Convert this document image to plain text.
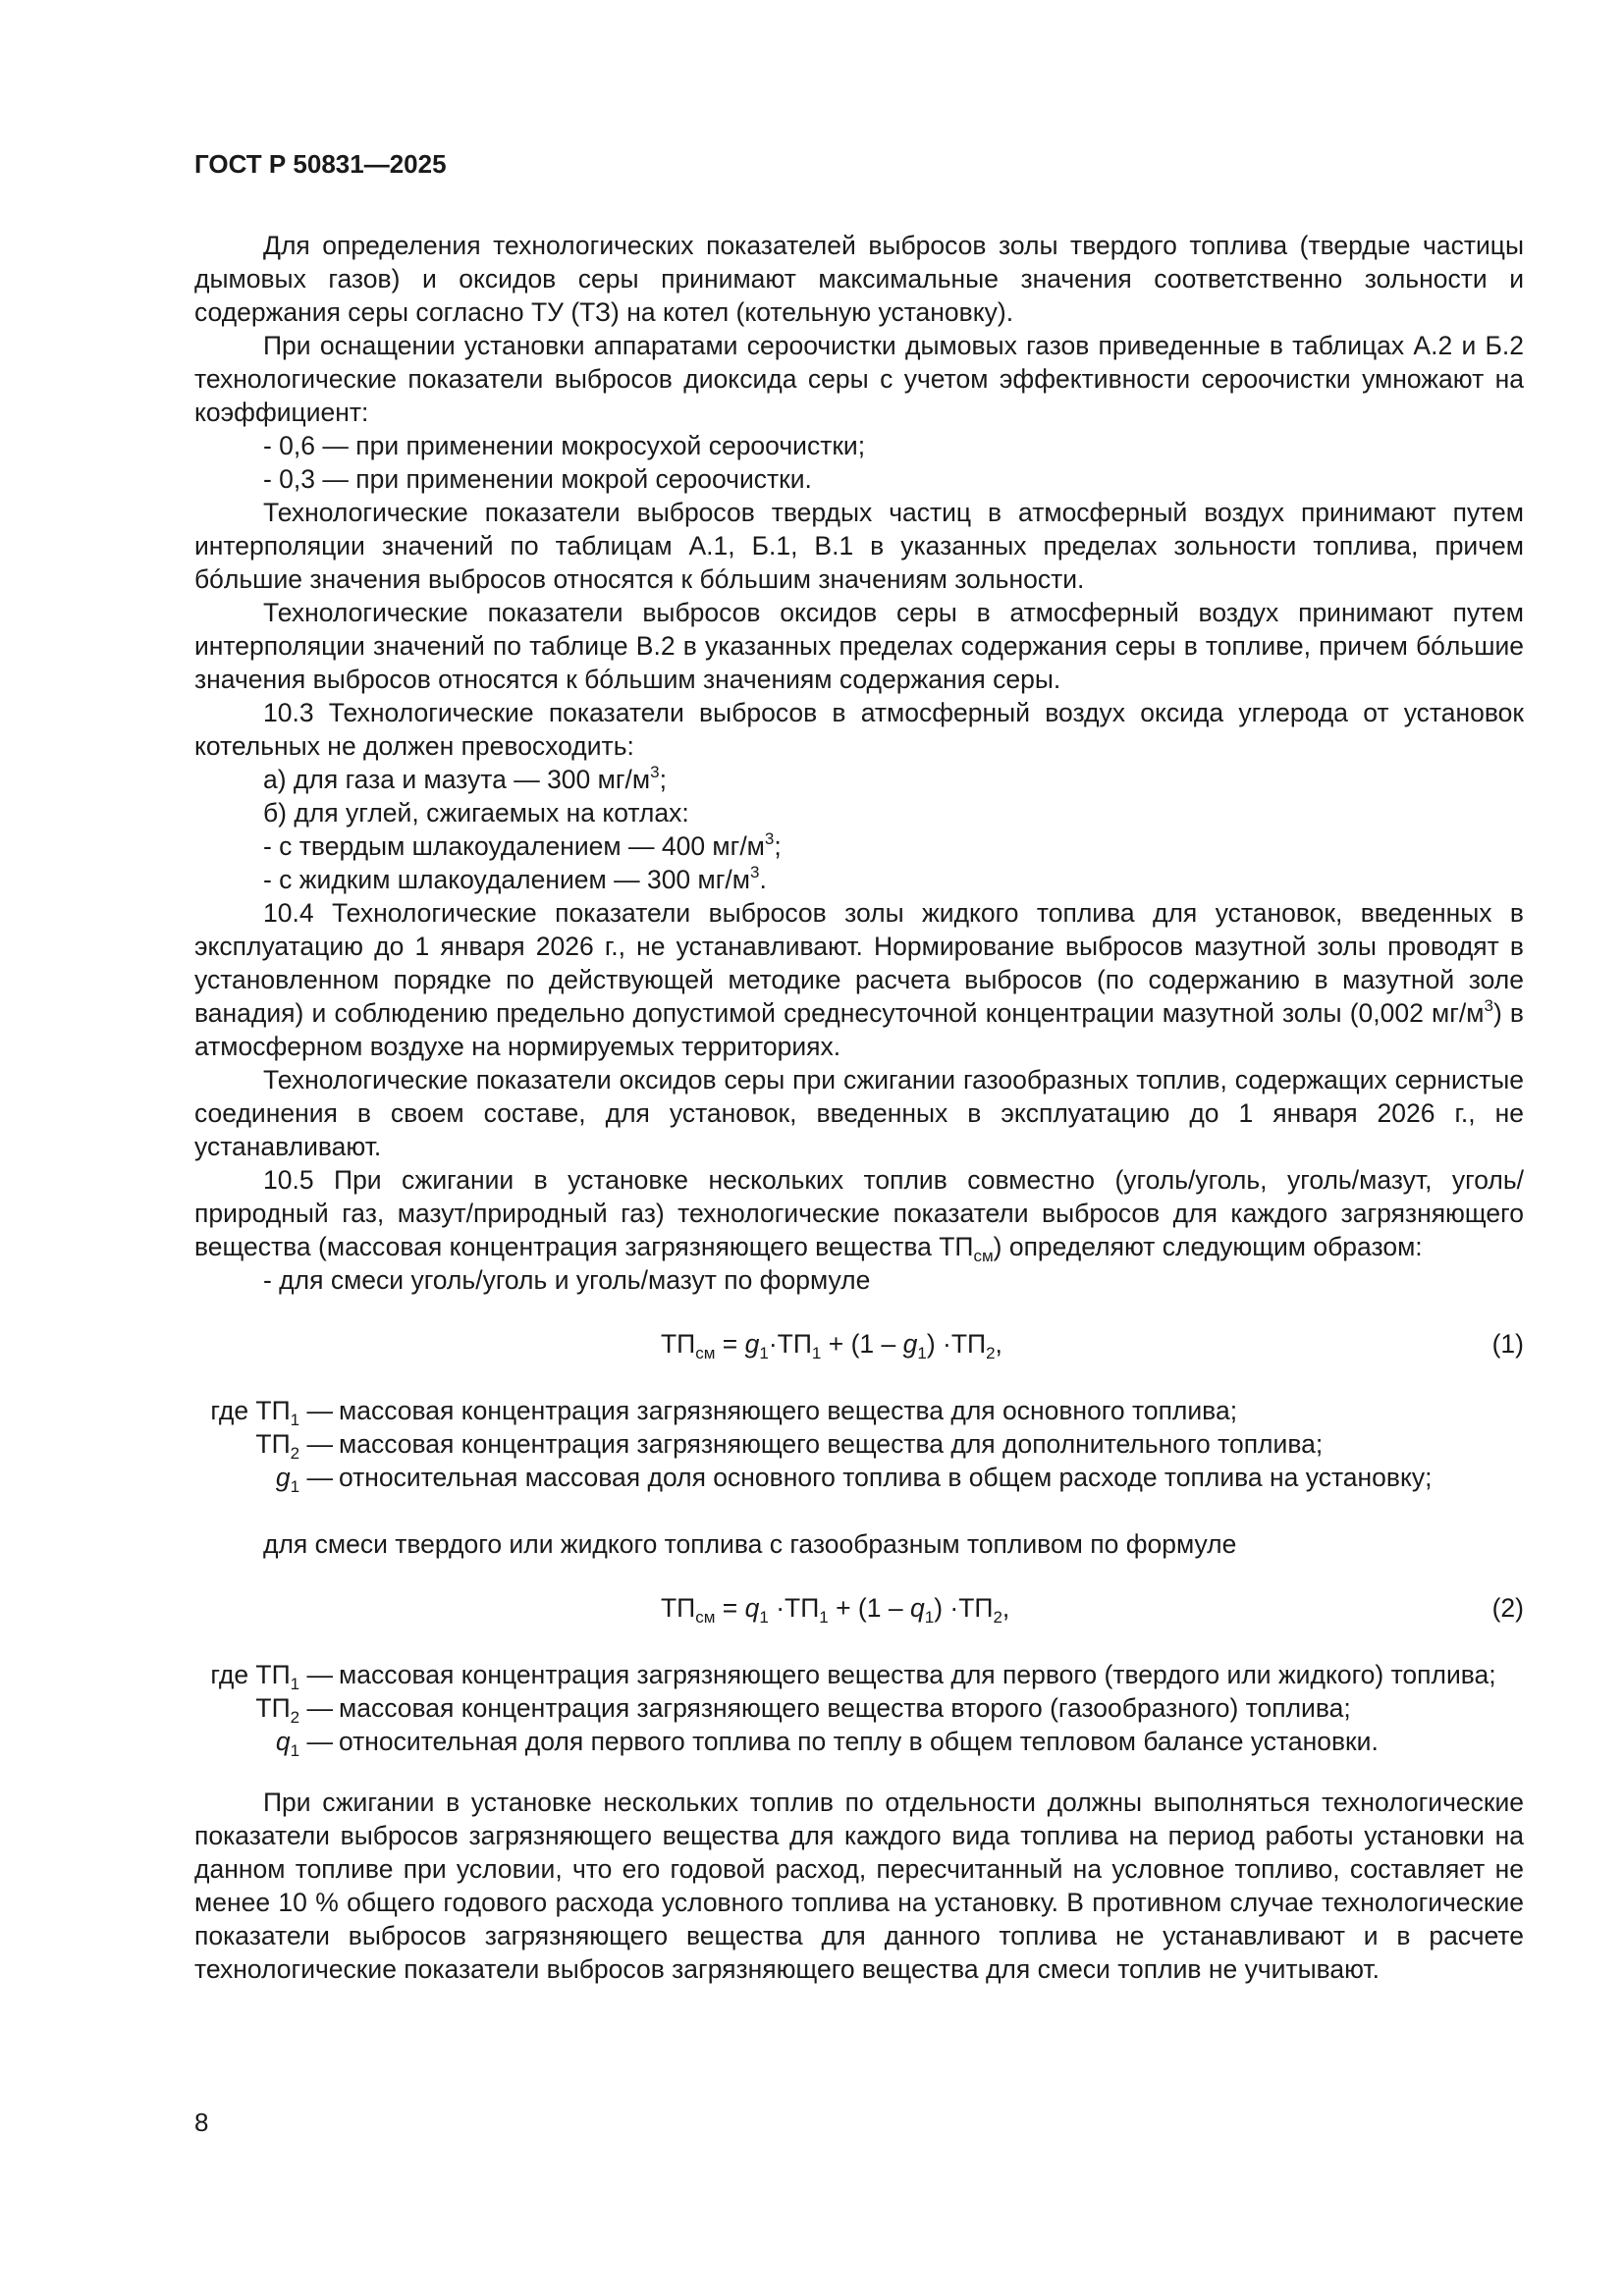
ГОСТ Р 50831—2025

Для определения технологических показателей выбросов золы твердого топлива (твердые частицы дымовых газов) и оксидов серы принимают максимальные значения соответственно зольности и содержания серы согласно ТУ (ТЗ) на котел (котельную установку).

При оснащении установки аппаратами сероочистки дымовых газов приведенные в таблицах А.2 и Б.2 технологические показатели выбросов диоксида серы с учетом эффективности сероочистки умножают на коэффициент:

- 0,6 — при применении мокросухой сероочистки;

- 0,3 — при применении мокрой сероочистки.

Технологические показатели выбросов твердых частиц в атмосферный воздух принимают путем интерполяции значений по таблицам А.1, Б.1, В.1 в указанных пределах зольности топлива, причем бóльшие значения выбросов относятся к бóльшим значениям зольности.

Технологические показатели выбросов оксидов серы в атмосферный воздух принимают путем интерполяции значений по таблице В.2 в указанных пределах содержания серы в топливе, причем бóльшие значения выбросов относятся к бóльшим значениям содержания серы.

10.3 Технологические показатели выбросов в атмосферный воздух оксида углерода от установок котельных не должен превосходить:

а) для газа и мазута — 300 $мг/м^3$;

б) для углей, сжигаемых на котлах:

- с твердым шлакоудалением — 400 $мг/м^3$;

- с жидким шлакоудалением — 300 $мг/м^3$.

10.4 Технологические показатели выбросов золы жидкого топлива для установок, введенных в эксплуатацию до 1 января 2026 г., не устанавливают. Нормирование выбросов мазутной золы проводят в установленном порядке по действующей методике расчета выбросов (по содержанию в мазутной золе ванадия) и соблюдению предельно допустимой среднесуточной концентрации мазутной золы (0,002 $мг/м^3$) в атмосферном воздухе на нормируемых территориях.

Технологические показатели оксидов серы при сжигании газообразных топлив, содержащих сернистые соединения в своем составе, для установок, введенных в эксплуатацию до 1 января 2026 г., не устанавливают.

10.5 При сжигании в установке нескольких топлив совместно (уголь/уголь, уголь/мазут, уголь/природный газ, мазут/природный газ) технологические показатели выбросов для каждого загрязняющего вещества (массовая концентрация загрязняющего вещества $ТП_{см}$) определяют следующим образом:

- для смеси уголь/уголь и уголь/мазут по формуле

$ТП_{см} = g_1\cdot ТП_1 + (1 - g_1) \cdot ТП_2$,	(1)
где $ТП_1$ — массовая концентрация загрязняющего вещества для основного топлива;
$ТП_2$ — массовая концентрация загрязняющего вещества для дополнительного топлива;
$g_1$ — относительная массовая доля основного топлива в общем расходе топлива на установку;

для смеси твердого или жидкого топлива с газообразным топливом по формуле

$ТП_{см} = q_1 \cdot ТП_1 + (1 - q_1) \cdot ТП_2$,	(2)
где $ТП_1$ — массовая концентрация загрязняющего вещества для первого (твердого или жидкого) топлива;
$ТП_2$ — массовая концентрация загрязняющего вещества второго (газообразного) топлива;
$q_1$ — относительная доля первого топлива по теплу в общем тепловом балансе установки.

При сжигании в установке нескольких топлив по отдельности должны выполняться технологические показатели выбросов загрязняющего вещества для каждого вида топлива на период работы установки на данном топливе при условии, что его годовой расход, пересчитанный на условное топливо, составляет не менее 10 % общего годового расхода условного топлива на установку. В противном случае технологические показатели выбросов загрязняющего вещества для данного топлива не устанавливают и в расчете технологические показатели выбросов загрязняющего вещества для смеси топлив не учитывают.

8
